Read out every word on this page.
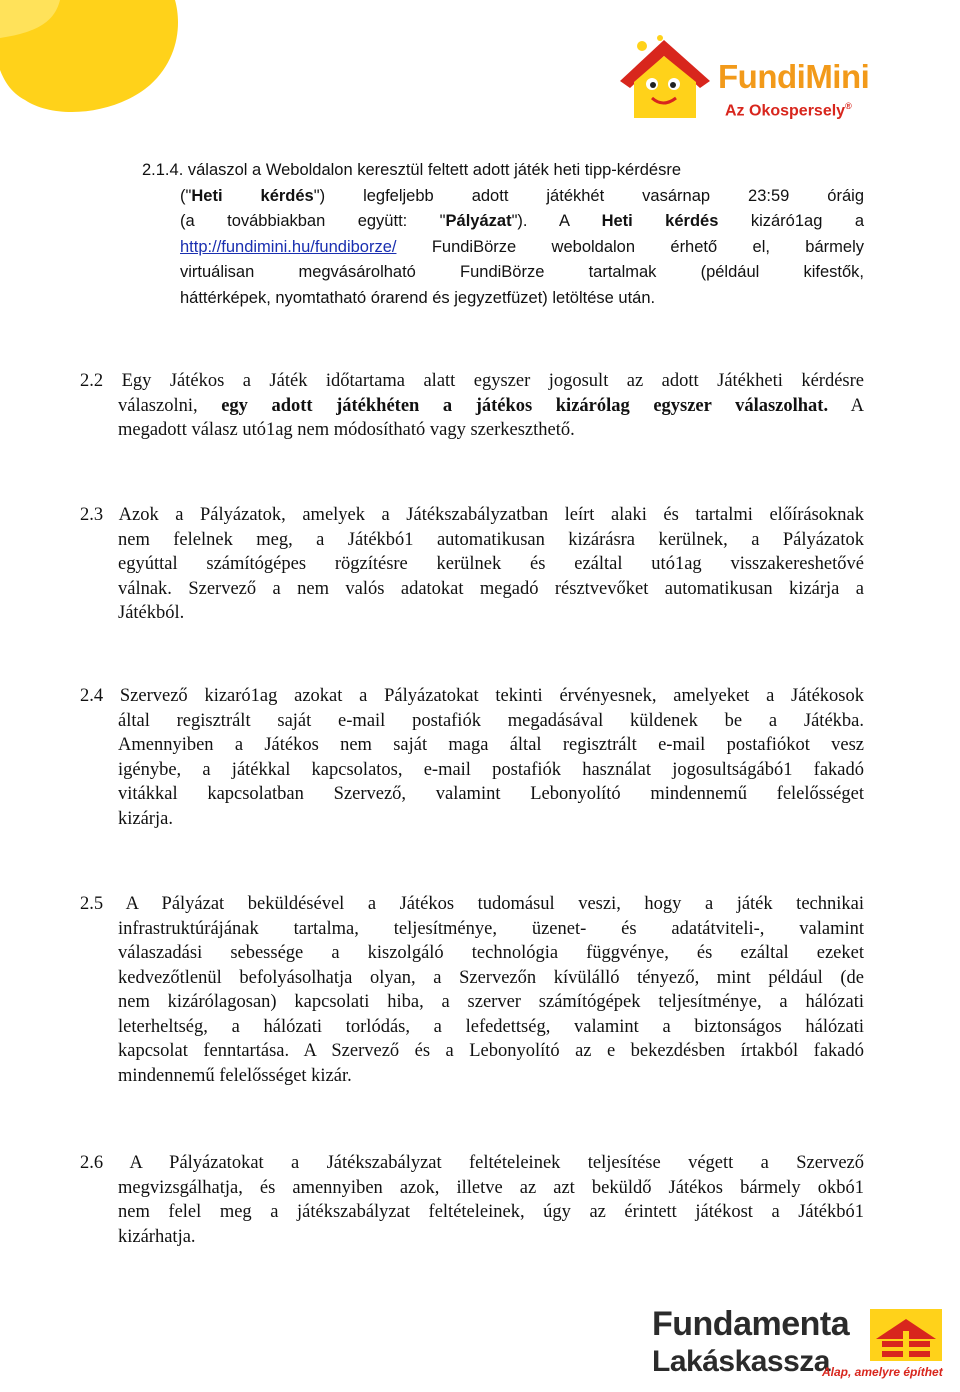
FundiMini
Az Okospersely®
2.1.4. válaszol a Weboldalon keresztül feltett adott játék heti tipp-kérdésre
("Heti kérdés") legfeljebb adott játékhét vasárnap 23:59 óráig
(a továbbiakban együtt: "Pályázat"). A Heti kérdés kizáró1ag a
http://fundimini.hu/fundiborze/ FundiBörze weboldalon érhető el, bármely
virtuálisan megvásárolható FundiBörze tartalmak (például kifestők,
háttérképek, nyomtatható órarend és jegyzetfüzet) letöltése után.
2.2 Egy Játékos a Játék időtartama alatt egyszer jogosult az adott Játékheti kérdésre
válaszolni, egy adott játékhéten a játékos kizárólag egyszer válaszolhat. A
megadott válasz utó1ag nem módosítható vagy szerkeszthető.
2.3 Azok a Pályázatok, amelyek a Játékszabályzatban leírt alaki és tartalmi előírásoknak
nem felelnek meg, a Játékbó1 automatikusan kizárásra kerülnek, a Pályázatok
egyúttal számítógépes rögzítésre kerülnek és ezáltal utó1ag visszakereshetővé
válnak. Szervező a nem valós adatokat megadó résztvevőket automatikusan kizárja a
Játékból.
2.4 Szervező kizaró1ag azokat a Pályázatokat tekinti érvényesnek, amelyeket a Játékosok
által regisztrált saját e-mail postafiók megadásával küldenek be a Játékba.
Amennyiben a Játékos nem saját maga által regisztrált e-mail postafiókot vesz
igénybe, a játékkal kapcsolatos, e-mail postafiók használat jogosultságábó1 fakadó
vitákkal kapcsolatban Szervező, valamint Lebonyolító mindennemű felelősséget
kizárja.
2.5 A Pályázat beküldésével a Játékos tudomásul veszi, hogy a játék technikai
infrastruktúrájának tartalma, teljesítménye, üzenet- és adatátviteli-, valamint
válaszadási sebessége a kiszolgáló technológia függvénye, és ezáltal ezeket
kedvezőtlenül befolyásolhatja olyan, a Szervezőn kívülálló tényező, mint például (de
nem kizárólagosan) kapcsolati hiba, a szerver számítógépek teljesítménye, a hálózati
leterheltség, a hálózati torlódás, a lefedettség, valamint a biztonságos hálózati
kapcsolat fenntartása. A Szervező és a Lebonyolító az e bekezdésben írtakból fakadó
mindennemű felelősséget kizár.
2.6 A Pályázatokat a Játékszabályzat feltételeinek teljesítése végett a Szervező
megvizsgálhatja, és amennyiben azok, illetve az azt beküldő Játékos bármely okbó1
nem felel meg a játékszabályzat feltételeinek, úgy az érintett játékost a Játékbó1
kizárhatja.
Fundamenta
Lakáskassza
Alap, amelyre építhet
